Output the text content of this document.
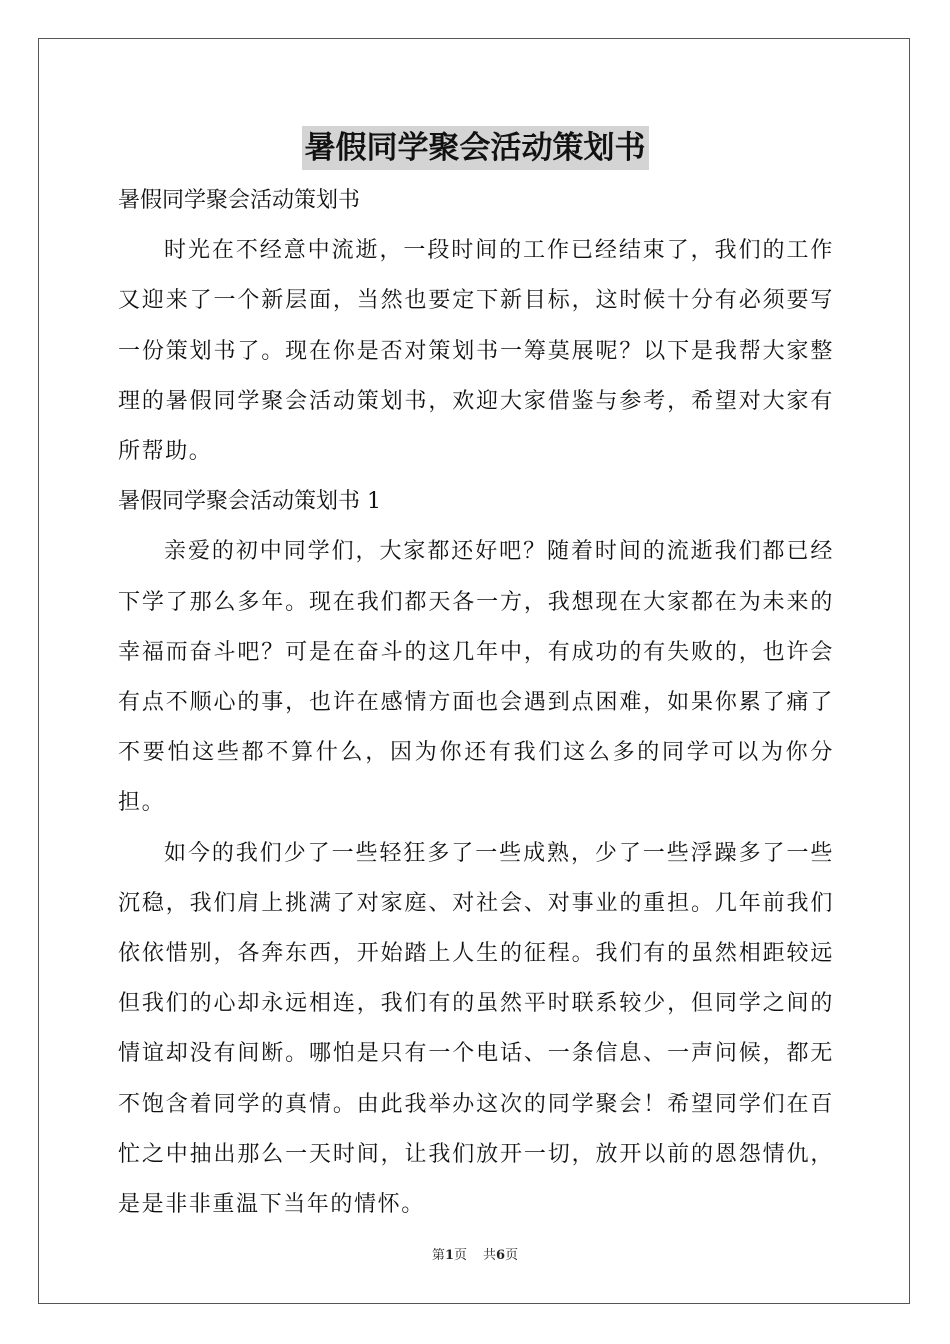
暑假同学聚会活动策划书

暑假同学聚会活动策划书

时光在不经意中流逝，一段时间的工作已经结束了，我们的工作又迎来了一个新层面，当然也要定下新目标，这时候十分有必须要写一份策划书了。现在你是否对策划书一筹莫展呢？以下是我帮大家整理的暑假同学聚会活动策划书，欢迎大家借鉴与参考，希望对大家有所帮助。

暑假同学聚会活动策划书 1

亲爱的初中同学们，大家都还好吧？随着时间的流逝我们都已经下学了那么多年。现在我们都天各一方，我想现在大家都在为未来的幸福而奋斗吧？可是在奋斗的这几年中，有成功的有失败的，也许会有点不顺心的事，也许在感情方面也会遇到点困难，如果你累了痛了不要怕这些都不算什么，因为你还有我们这么多的同学可以为你分担。

如今的我们少了一些轻狂多了一些成熟，少了一些浮躁多了一些沉稳，我们肩上挑满了对家庭、对社会、对事业的重担。几年前我们依依惜别，各奔东西，开始踏上人生的征程。我们有的虽然相距较远但我们的心却永远相连，我们有的虽然平时联系较少，但同学之间的情谊却没有间断。哪怕是只有一个电话、一条信息、一声问候，都无不饱含着同学的真情。由此我举办这次的同学聚会！希望同学们在百忙之中抽出那么一天时间，让我们放开一切，放开以前的恩怨情仇，是是非非重温下当年的情怀。

第1页 共6页
